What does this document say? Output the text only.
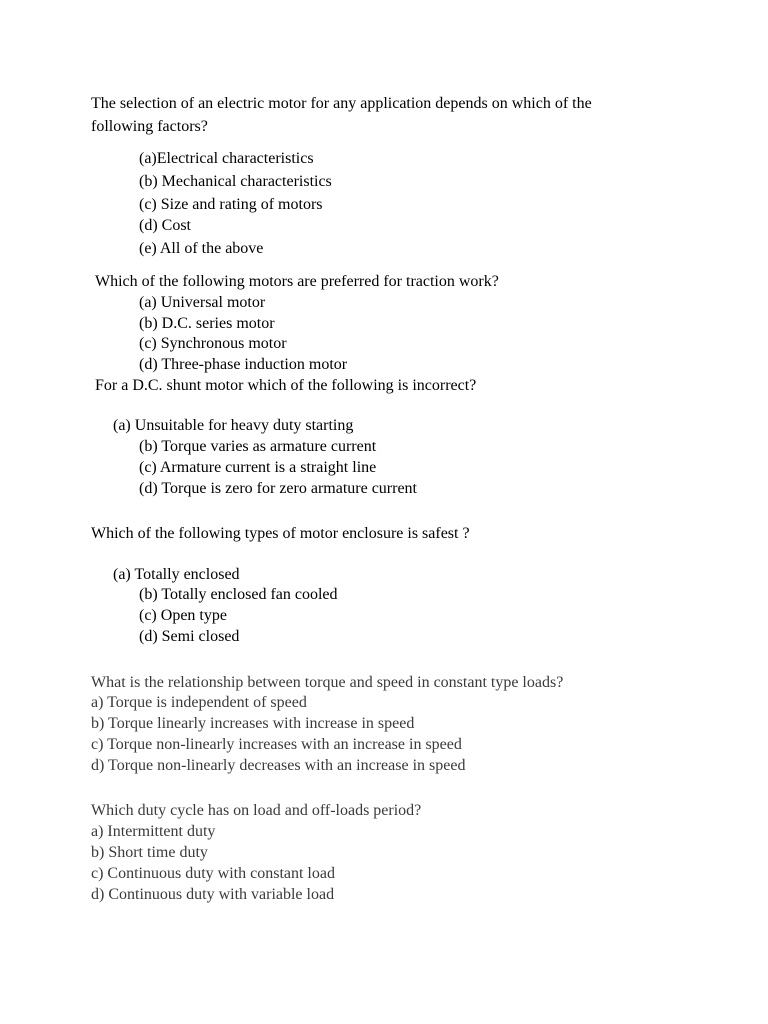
The selection of an electric motor for any application depends on which of the
following factors?
(a)Electrical characteristics
(b) Mechanical characteristics
(c) Size and rating of motors
(d) Cost
(e) All of the above
Which of the following motors are preferred for traction work?
(a) Universal motor
(b) D.C. series motor
(c) Synchronous motor
(d) Three-phase induction motor
For a D.C. shunt motor which of the following is incorrect?
(a) Unsuitable for heavy duty starting
(b) Torque varies as armature current
(c) Armature current is a straight line
(d) Torque is zero for zero armature current
Which of the following types of motor enclosure is safest ?
(a) Totally enclosed
(b) Totally enclosed fan cooled
(c) Open type
(d) Semi closed
What is the relationship between torque and speed in constant type loads?
a) Torque is independent of speed
b) Torque linearly increases with increase in speed
c) Torque non-linearly increases with an increase in speed
d) Torque non-linearly decreases with an increase in speed
Which duty cycle has on load and off-loads period?
a) Intermittent duty
b) Short time duty
c) Continuous duty with constant load
d) Continuous duty with variable load
